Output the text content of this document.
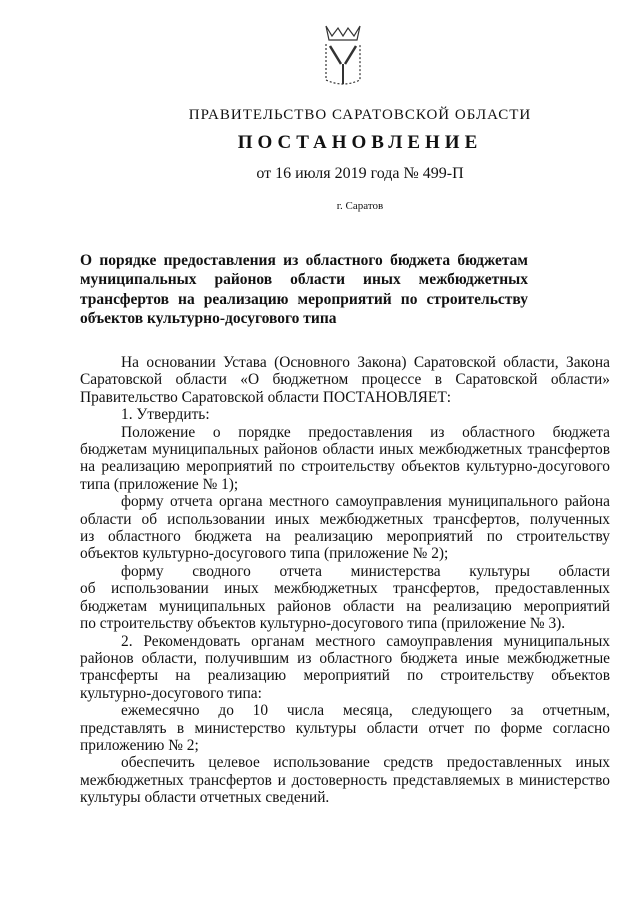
ПРАВИТЕЛЬСТВО САРАТОВСКОЙ ОБЛАСТИ
ПОСТАНОВЛЕНИЕ
от 16 июля 2019 года № 499-П
г. Саратов
О порядке предоставления из областного бюджета бюджетам
муниципальных районов области иных межбюджетных
трансфертов на реализацию мероприятий по строительству
объектов культурно-досугового типа
На основании Устава (Основного Закона) Саратовской области, Закона
Саратовской области «О бюджетном процессе в Саратовской области»
Правительство Саратовской области ПОСТАНОВЛЯЕТ:
1. Утвердить:
Положение о порядке предоставления из областного бюджета
бюджетам муниципальных районов области иных межбюджетных трансфертов
на реализацию мероприятий по строительству объектов культурно-досугового
типа (приложение № 1);
форму отчета органа местного самоуправления муниципального района
области об использовании иных межбюджетных трансфертов, полученных
из областного бюджета на реализацию мероприятий по строительству
объектов культурно-досугового типа (приложение № 2);
форму сводного отчета министерства культуры области
об использовании иных межбюджетных трансфертов, предоставленных
бюджетам муниципальных районов области на реализацию мероприятий
по строительству объектов культурно-досугового типа (приложение № 3).
2. Рекомендовать органам местного самоуправления муниципальных
районов области, получившим из областного бюджета иные межбюджетные
трансферты на реализацию мероприятий по строительству объектов
культурно-досугового типа:
ежемесячно до 10 числа месяца, следующего за отчетным,
представлять в министерство культуры области отчет по форме согласно
приложению № 2;
обеспечить целевое использование средств предоставленных иных
межбюджетных трансфертов и достоверность представляемых в министерство
культуры области отчетных сведений.
